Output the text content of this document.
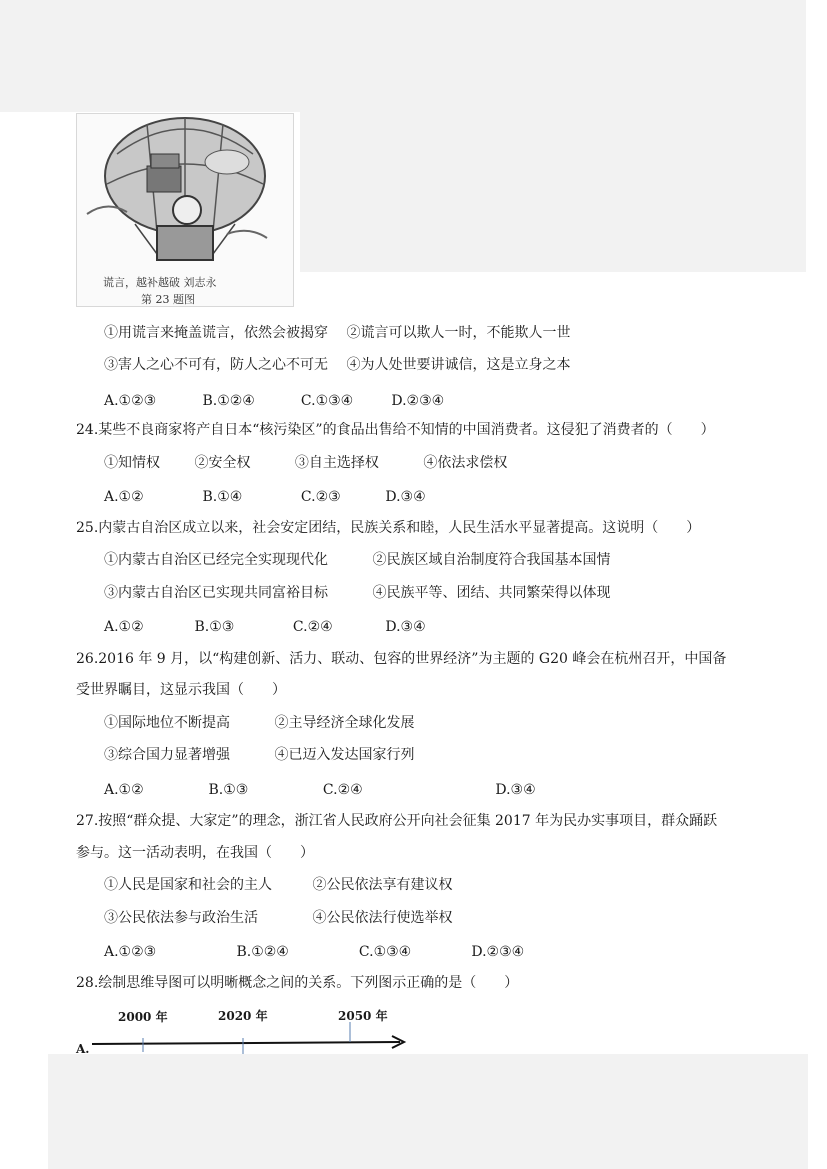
谎言，越补越破 刘志永
第 23 题图
①用谎言来掩盖谎言，依然会被揭穿 ②谎言可以欺人一时，不能欺人一世
③害人之心不可有，防人之心不可无 ④为人处世要讲诚信，这是立身之本
A.①②③	B.①②④	C.①③④	D.②③④
24.某些不良商家将产自日本“核污染区”的食品出售给不知情的中国消费者。这侵犯了消费者的（　　）
①知情权 ②安全权	③自主选择权	④依法求偿权
A.①②	B.①④	C.②③	D.③④
25.内蒙古自治区成立以来，社会安定团结，民族关系和睦，人民生活水平显著提高。这说明（　　）
①内蒙古自治区已经完全实现现代化	②民族区域自治制度符合我国基本国情
③内蒙古自治区已实现共同富裕目标	④民族平等、团结、共同繁荣得以体现
A.①②	B.①③	C.②④	D.③④
26.2016 年 9 月，以“构建创新、活力、联动、包容的世界经济”为主题的 G20 峰会在杭州召开，中国备
受世界瞩目，这显示我国（　　）
①国际地位不断提高	②主导经济全球化发展
③综合国力显著增强	④已迈入发达国家行列
A.①②	B.①③	C.②④	D.③④
27.按照“群众提、大家定”的理念，浙江省人民政府公开向社会征集 2017 年为民办实事项目，群众踊跃
参与。这一活动表明，在我国（　　）
①人民是国家和社会的主人	②公民依法享有建议权
③公民依法参与政治生活	④公民依法行使选举权
A.①②③	B.①②④	C.①③④	D.②③④
28.绘制思维导图可以明晰概念之间的关系。下列图示正确的是（　　）
2000 年	2020 年	2050 年
A.
